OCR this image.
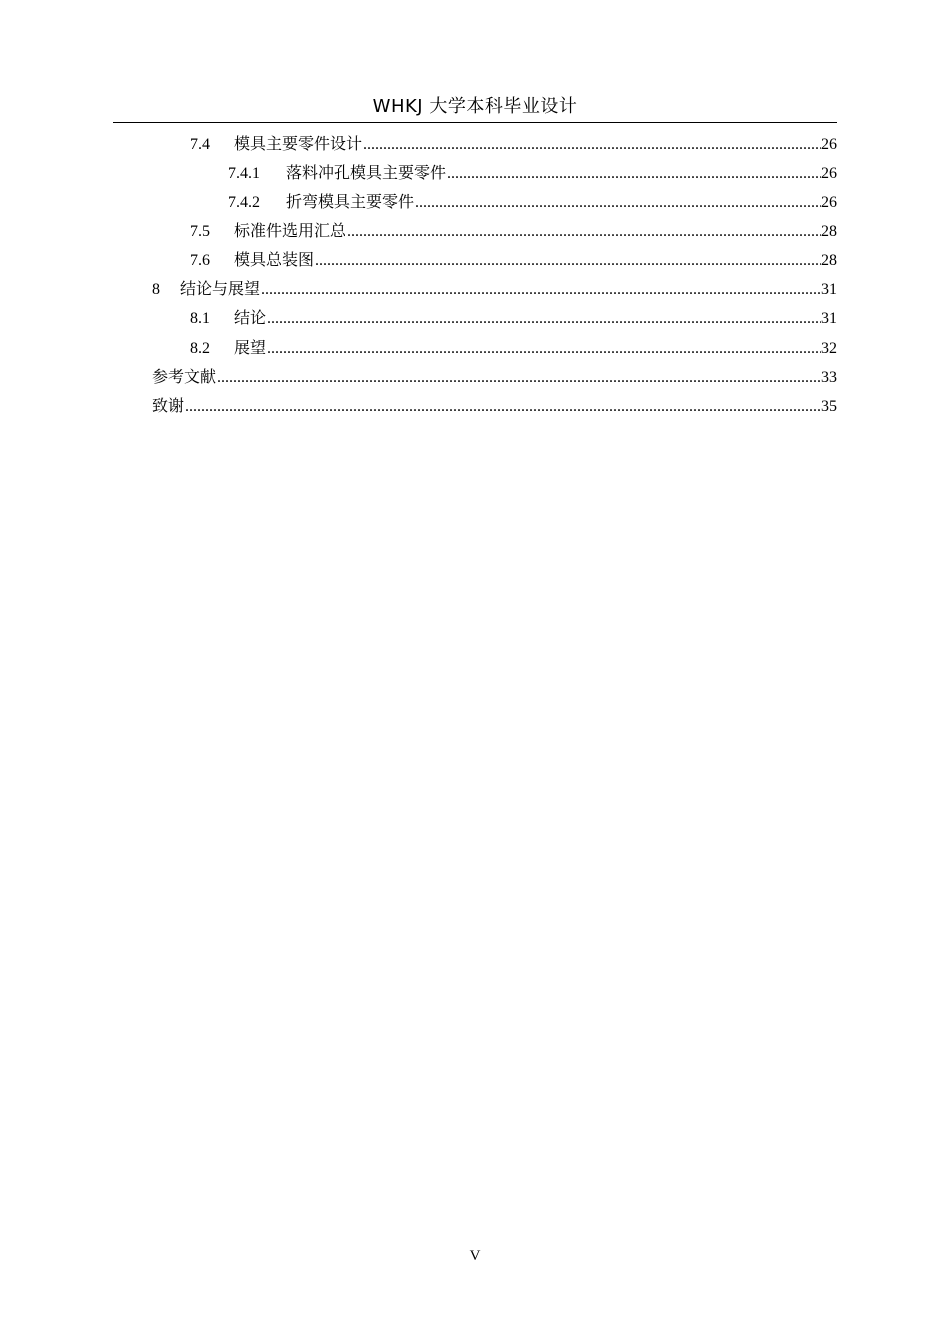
WHKJ 大学本科毕业设计
7.4	模具主要零件设计 .....	26
7.4.1	落料冲孔模具主要零件 .....	26
7.4.2	折弯模具主要零件 .....	26
7.5	标准件选用汇总 .....	28
7.6	模具总装图 .....	28
8	结论与展望 .....	31
8.1	结论 .....	31
8.2	展望 .....	32
参考文献 .....	33
致谢 .....	35
V
